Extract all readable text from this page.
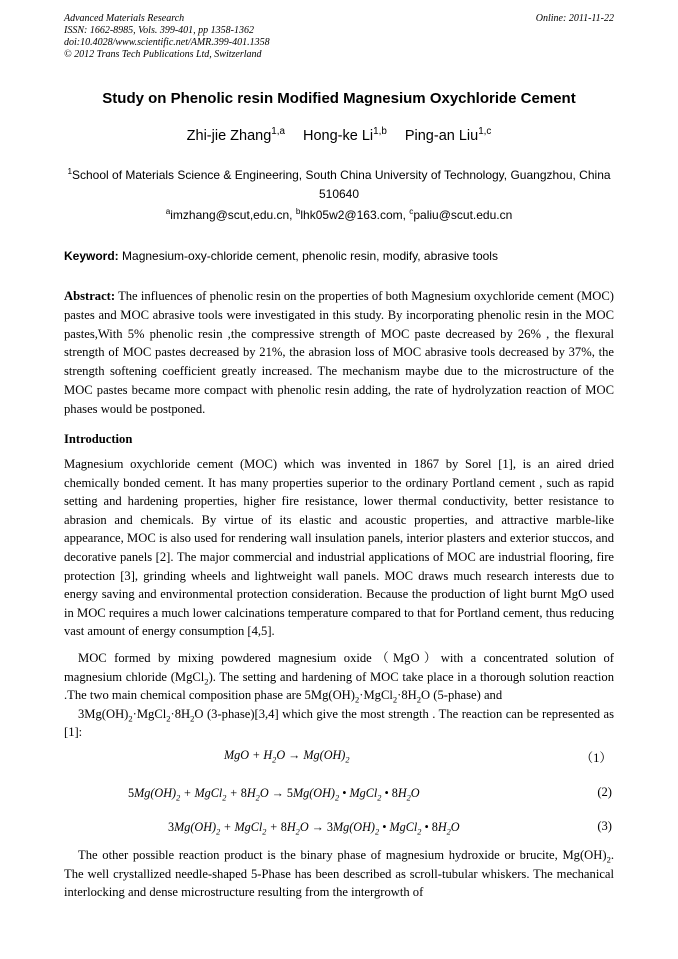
Advanced Materials Research
ISSN: 1662-8985, Vols. 399-401, pp 1358-1362
doi:10.4028/www.scientific.net/AMR.399-401.1358
© 2012 Trans Tech Publications Ltd, Switzerland
Online: 2011-11-22
Study on Phenolic resin Modified Magnesium Oxychloride Cement
Zhi-jie Zhang$^{1,a}$ Hong-ke Li$^{1,b}$ Ping-an Liu$^{1,c}$
$^1$School of Materials Science & Engineering, South China University of Technology, Guangzhou, China 510640
$^a$imzhang@scut,edu.cn, $^b$lhk05w2@163.com, $^c$paliu@scut.edu.cn
Keyword: Magnesium-oxy-chloride cement, phenolic resin, modify, abrasive tools
Abstract: The influences of phenolic resin on the properties of both Magnesium oxychloride cement (MOC) pastes and MOC abrasive tools were investigated in this study. By incorporating phenolic resin in the MOC pastes,With 5% phenolic resin ,the compressive strength of MOC paste decreased by 26% , the flexural strength of MOC pastes decreased by 21%, the abrasion loss of MOC abrasive tools decreased by 37%, the strength softening coefficient greatly increased. The mechanism maybe due to the microstructure of the MOC pastes became more compact with phenolic resin adding, the rate of hydrolyzation reaction of MOC phases would be postponed.
Introduction
Magnesium oxychloride cement (MOC) which was invented in 1867 by Sorel [1], is an aired dried chemically bonded cement. It has many properties superior to the ordinary Portland cement , such as rapid setting and hardening properties, higher fire resistance, lower thermal conductivity, better resistance to abrasion and chemicals. By virtue of its elastic and acoustic properties, and attractive marble-like appearance, MOC is also used for rendering wall insulation panels, interior plasters and exterior stuccos, and decorative panels [2]. The major commercial and industrial applications of MOC are industrial flooring, fire protection [3], grinding wheels and lightweight wall panels. MOC draws much research interests due to energy saving and environmental protection consideration. Because the production of light burnt MgO used in MOC requires a much lower calcinations temperature compared to that for Portland cement, thus reducing vast amount of energy consumption [4,5].
MOC formed by mixing powdered magnesium oxide（MgO）with a concentrated solution of magnesium chloride (MgCl$_2$). The setting and hardening of MOC take place in a thorough solution reaction .The two main chemical composition phase are $5Mg(OH)_2\cdot MgCl_2\cdot 8H_2O$ (5-phase) and
$3Mg(OH)_2\cdot MgCl_2\cdot 8H_2O$ (3-phase)[3,4] which give the most strength . The reaction can be represented as [1]:
MgO + $H_2O \to Mg(OH)_2$	（1）
$5Mg(OH)_2$ + MgCl$_2$ + $8H_2O \to 5Mg(OH)_2$ • MgCl$_2$ • $8H_2O$	(2)
$3Mg(OH)_2$ + MgCl$_2$ + $8H_2O \to 3Mg(OH)_2$ • MgCl$_2$ • $8H_2O$	(3)
The other possible reaction product is the binary phase of magnesium hydroxide or brucite, $Mg(OH)_2$. The well crystallized needle-shaped 5-Phase has been described as scroll-tubular whiskers. The mechanical interlocking and dense microstructure resulting from the intergrowth of
